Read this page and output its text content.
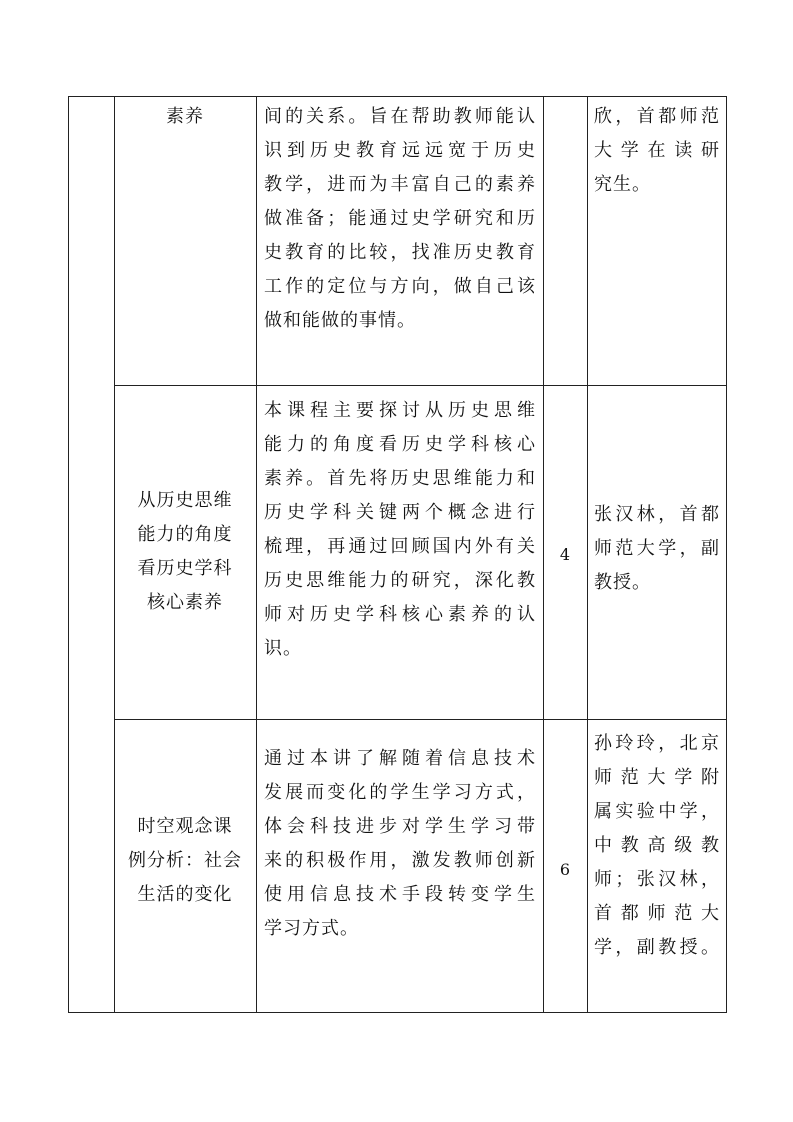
素养	间的关系。旨在帮助教师能认
识到历史教育远远宽于历史
教学，进而为丰富自己的素养
做准备；能通过史学研究和历
史教育的比较，找准历史教育
工作的定位与方向，做自己该
做和能做的事情。
欣，首都师范
大学在读研
究生。
从历史思维
能力的角度
看历史学科
核心素养
本课程主要探讨从历史思维
能力的角度看历史学科核心
素养。首先将历史思维能力和
历史学科关键两个概念进行
梳理，再通过回顾国内外有关
历史思维能力的研究，深化教
师对历史学科核心素养的认
识。
4
张汉林，首都
师范大学，副
教授。
时空观念课
例分析：社会
生活的变化
通过本讲了解随着信息技术
发展而变化的学生学习方式，
体会科技进步对学生学习带
来的积极作用，激发教师创新
使用信息技术手段转变学生
学习方式。
6
孙玲玲，北京
师范大学附
属实验中学，
中教高级教
师；张汉林，
首都师范大
学，副教授。
